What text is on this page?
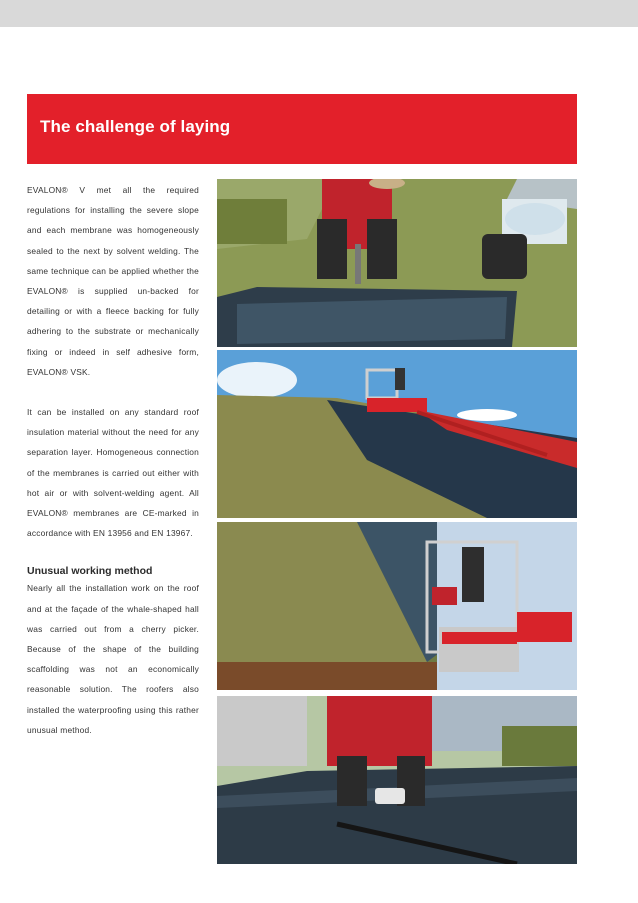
The challenge of laying

EVALON® V met all the required regulations for installing the severe slope and each membrane was homogeneously sealed to the next by solvent welding. The same technique can be applied whether the EVALON® is supplied un-backed for detailing or with a fleece backing for fully adhering to the substrate or mechanically fixing or indeed in self adhesive form, EVALON® VSK.

It can be installed on any standard roof insulation material without the need for any separation layer. Homogeneous connection of the membranes is carried out either with hot air or with solvent-welding agent. All EVALON® membranes are CE-marked in accordance with EN 13956 and EN 13967.

Unusual working method

Nearly all the installation work on the roof and at the façade of the whale-shaped hall was carried out from a cherry picker. Because of the shape of the building scaffolding was not an economically reasonable solution. The roofers also installed the waterproofing using this rather unusual method.
